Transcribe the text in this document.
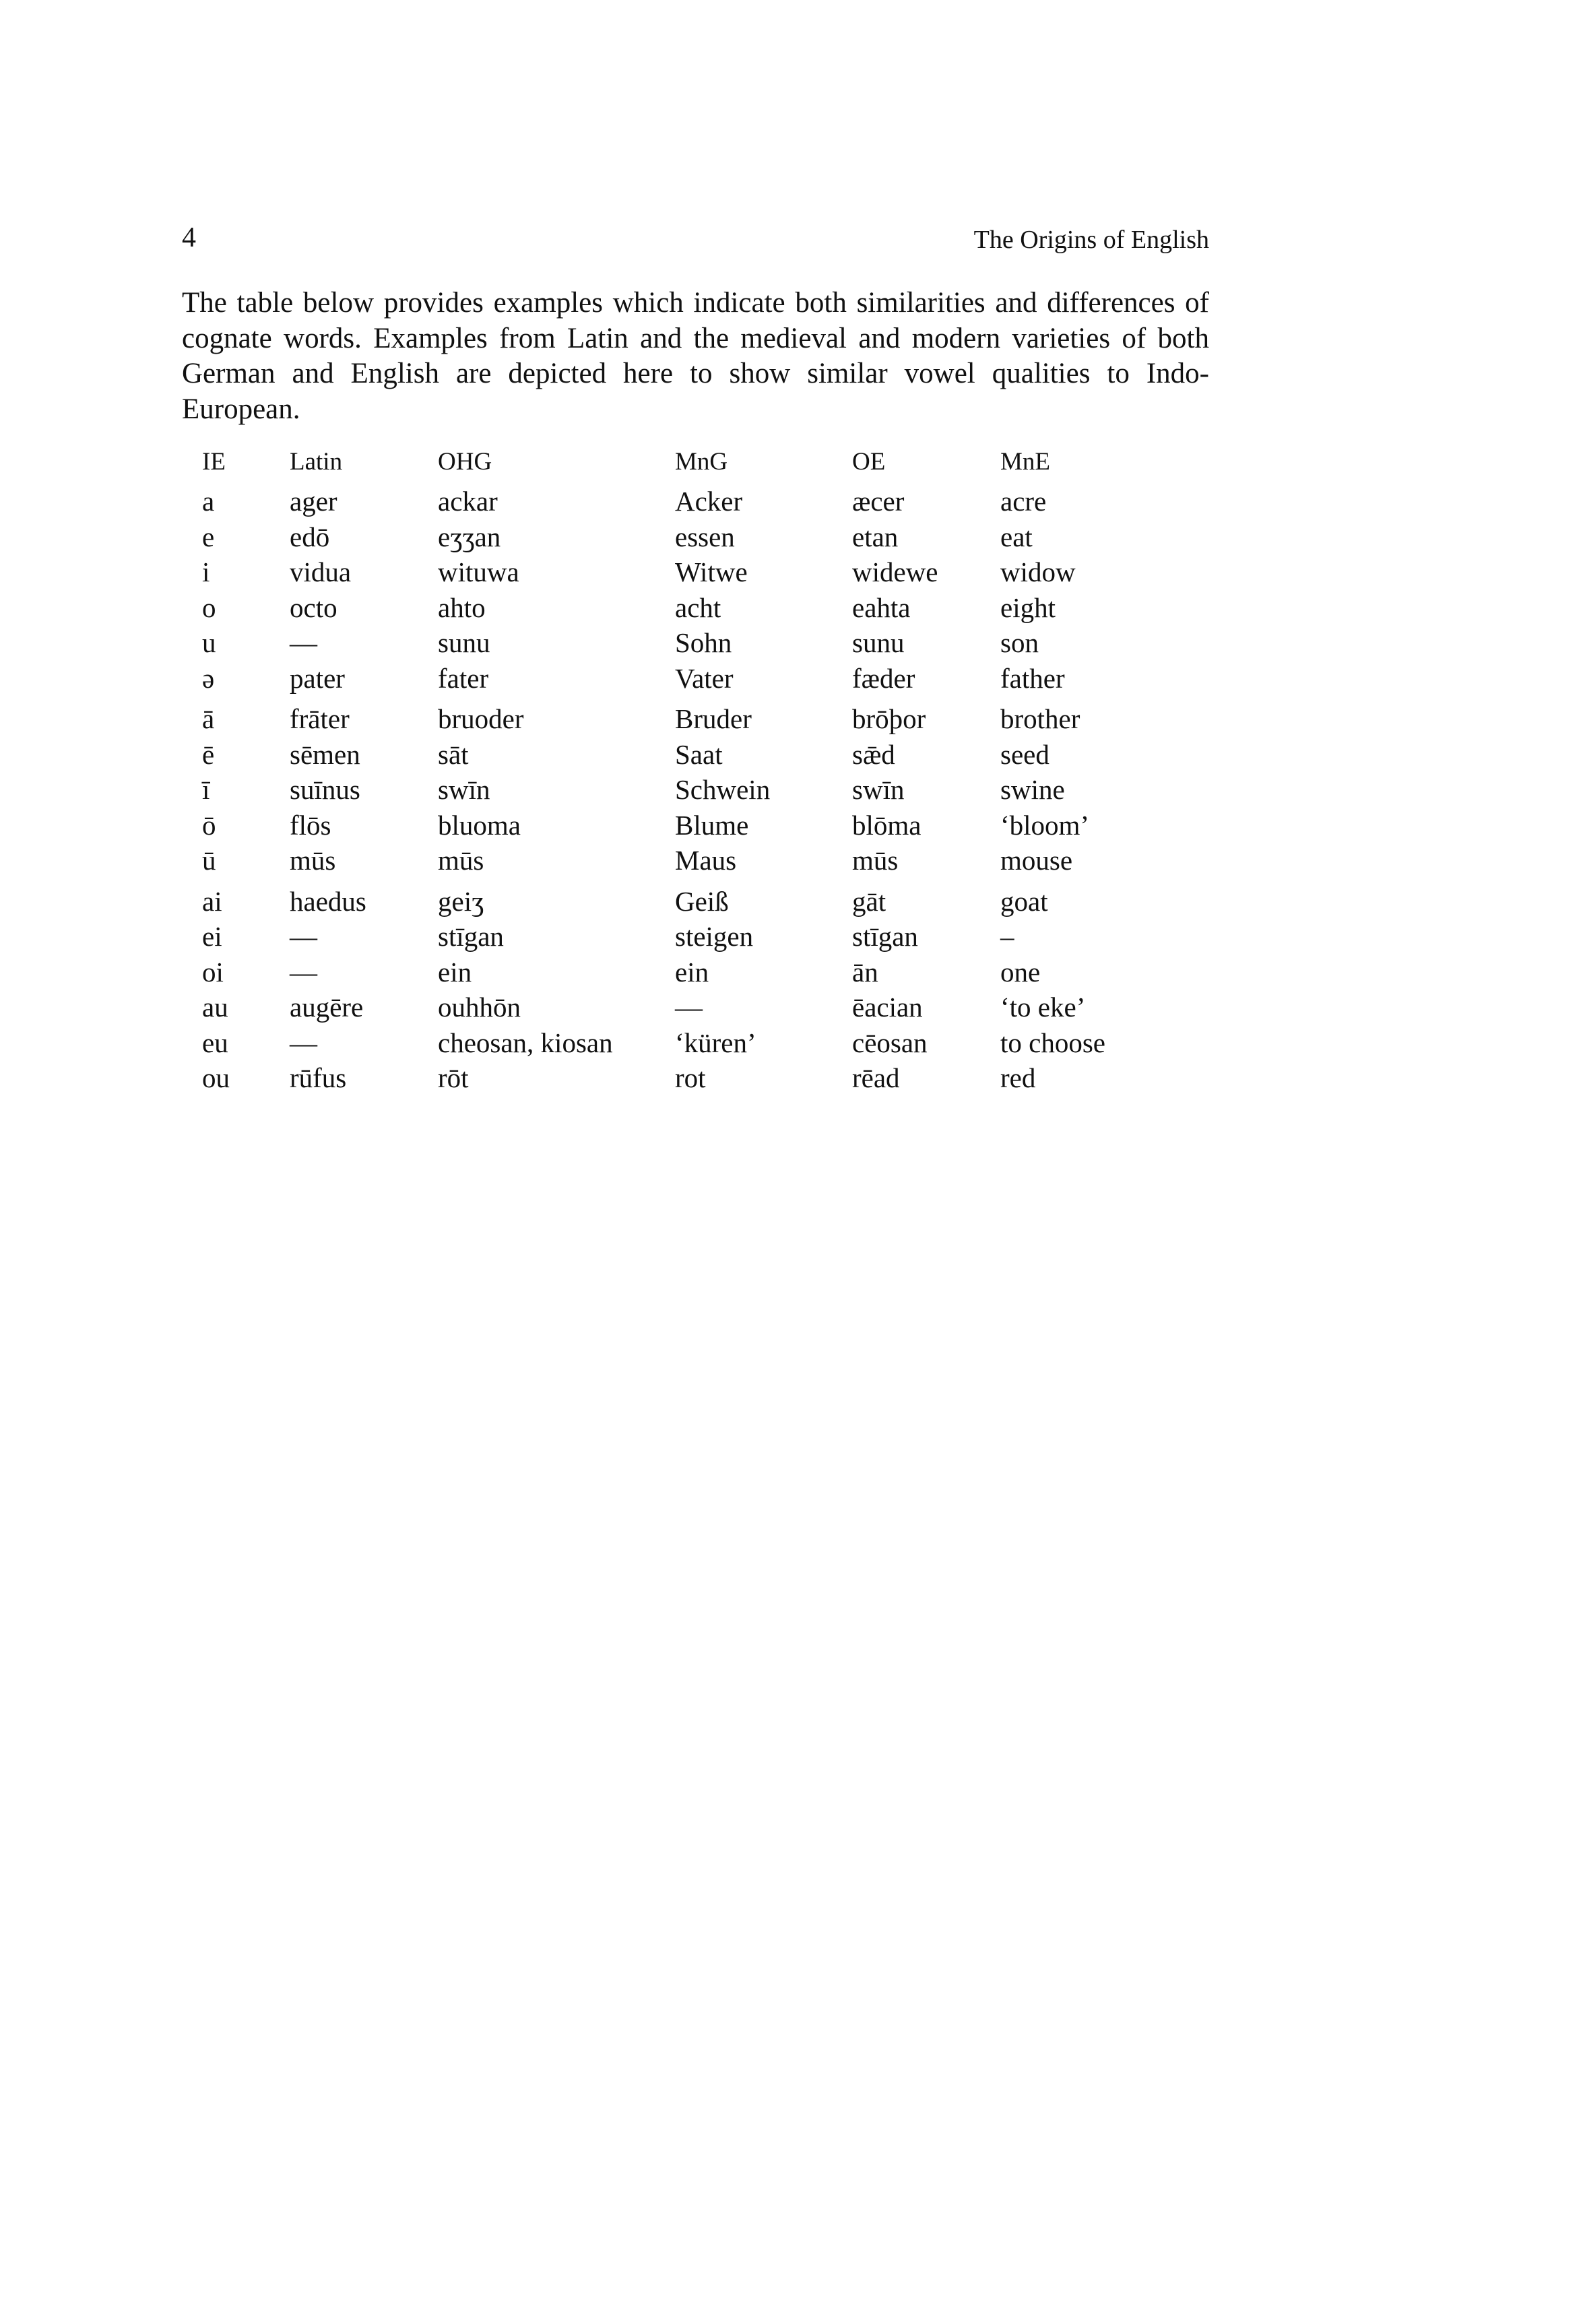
4	The Origins of English

The table below provides examples which indicate both similarities and differences of cognate words. Examples from Latin and the medieval and modern varieties of both German and English are depicted here to show similar vowel qualities to Indo-European.

IE	Latin	OHG	MnG	OE	MnE
a	ager	ackar	Acker	æcer	acre
e	edō	eʒʒan	essen	etan	eat
i	vidua	wituwa	Witwe	widewe	widow
o	octo	ahto	acht	eahta	eight
u	—	sunu	Sohn	sunu	son
ə	pater	fater	Vater	fæder	father
ā	frāter	bruoder	Bruder	brōþor	brother
ē	sēmen	sāt	Saat	sǣd	seed
ī	suīnus	swīn	Schwein	swīn	swine
ō	flōs	bluoma	Blume	blōma	‘bloom’
ū	mūs	mūs	Maus	mūs	mouse
ai	haedus	geiʒ	Geiß	gāt	goat
ei	—	stīgan	steigen	stīgan	–
oi	—	ein	ein	ān	one
au	augēre	ouhhōn	—	ēacian	‘to eke’
eu	—	cheosan, kiosan	‘küren’	cēosan	to choose
ou	rūfus	rōt	rot	rēad	red
